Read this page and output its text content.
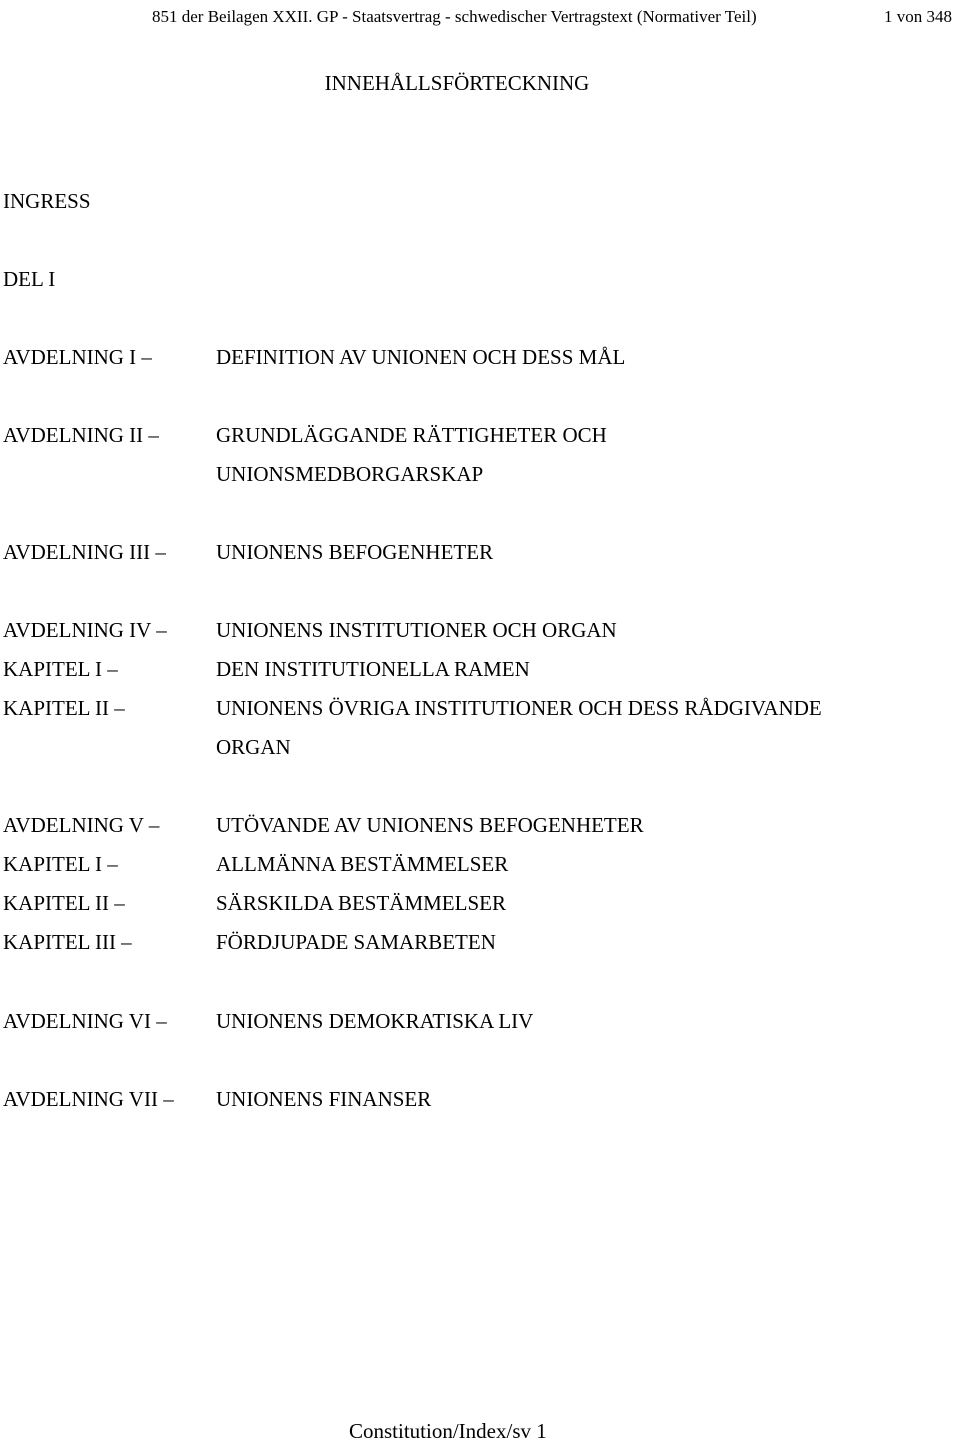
851 der Beilagen XXII. GP - Staatsvertrag - schwedischer Vertragstext (Normativer Teil)	1 von 348
INNEHÅLLSFÖRTECKNING
INGRESS
DEL I
AVDELNING I –	DEFINITION AV UNIONEN OCH DESS MÅL
AVDELNING II –	GRUNDLÄGGANDE RÄTTIGHETER OCH
UNIONSMEDBORGARSKAP
AVDELNING III – UNIONENS BEFOGENHETER
AVDELNING IV – UNIONENS INSTITUTIONER OCH ORGAN
KAPITEL I –	DEN INSTITUTIONELLA RAMEN
KAPITEL II –	UNIONENS ÖVRIGA INSTITUTIONER OCH DESS RÅDGIVANDE
ORGAN
AVDELNING V –	UTÖVANDE AV UNIONENS BEFOGENHETER
KAPITEL I –	ALLMÄNNA BESTÄMMELSER
KAPITEL II –	SÄRSKILDA BESTÄMMELSER
KAPITEL III –	FÖRDJUPADE SAMARBETEN
AVDELNING VI – UNIONENS DEMOKRATISKA LIV
AVDELNING VII – UNIONENS FINANSER
Constitution/Index/sv 1
